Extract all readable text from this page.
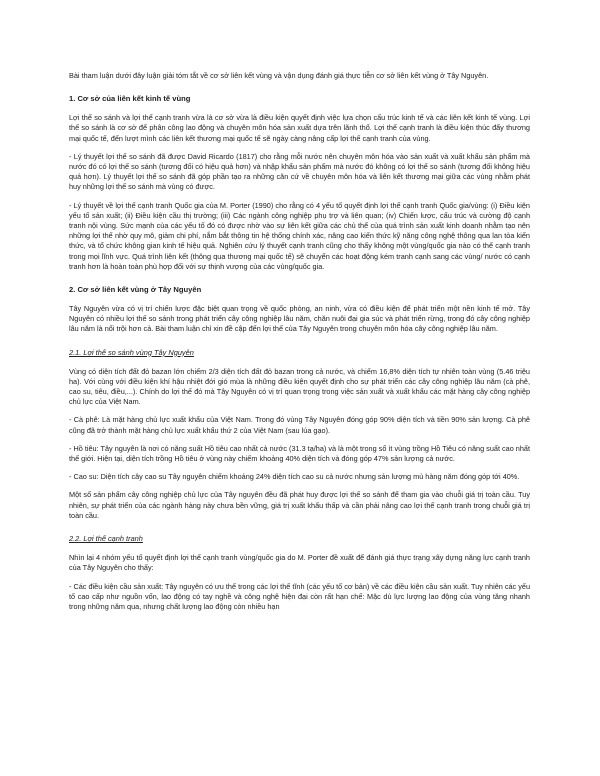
Bài tham luận dưới đây luận giải tóm tắt về cơ sở liên kết vùng và vận dụng đánh giá thực tiễn cơ sở liên kết vùng ở Tây Nguyên.

1. Cơ sở của liên kết kinh tế vùng

Lợi thế so sánh và lợi thế cạnh tranh vừa là cơ sở vừa là điều kiện quyết định việc lựa chọn cấu trúc kinh tế và các liên kết kinh tế vùng. Lợi thế so sánh là cơ sở để phân công lao động và chuyên môn hóa sản xuất dựa trên lãnh thổ. Lợi thế cạnh tranh là điều kiện thúc đẩy thương mại quốc tế, đến lượt mình các liên kết thương mại quốc tế sẽ ngày càng nâng cấp lợi thế cạnh tranh của vùng.

- Lý thuyết lợi thế so sánh đã được David Ricardo (1817) cho rằng mỗi nước nên chuyên môn hóa vào sản xuất và xuất khẩu sản phẩm mà nước đó có lợi thế so sánh (tương đối có hiệu quả hơn) và nhập khẩu sản phẩm mà nước đó không có lợi thế so sánh (tương đối không hiệu quả hơn). Lý thuyết lợi thế so sánh đã góp phần tạo ra những căn cứ về chuyên môn hóa và liên kết thương mại giữa các vùng nhằm phát huy những lợi thế so sánh mà vùng có được.

- Lý thuyết về lợi thế cạnh tranh Quốc gia của M. Porter (1990) cho rằng có 4 yếu tố quyết định lợi thế cạnh tranh Quốc gia/vùng: (i) Điều kiện yếu tố sản xuất; (ii) Điều kiện cầu thị trường; (iii) Các ngành công nghiệp phụ trợ và liên quan; (iv) Chiến lược, cấu trúc và cường độ cạnh tranh nội vùng. Sức mạnh của các yếu tố đó có được nhờ vào sự liên kết giữa các chủ thể của quá trình sản xuất kinh doanh nhằm tạo nên những lợi thế nhờ quy mô, giảm chi phí, nắm bắt thông tin hệ thống chính xác, nâng cao kiến thức kỹ năng công nghệ thông qua lan tỏa kiến thức, và tổ chức không gian kinh tế hiệu quả. Nghiên cứu lý thuyết cạnh tranh cũng cho thấy không một vùng/quốc gia nào có thể cạnh tranh trong mọi lĩnh vực. Quá trình liên kết (thông qua thương mại quốc tế) sẽ chuyển các hoạt động kém tranh cạnh sang các vùng/ nước có cạnh tranh hơn là hoàn toàn phù hợp đối với sự thịnh vượng của các vùng/quốc gia.

2. Cơ sở liên kết vùng ở Tây Nguyên

Tây Nguyên vừa có vị trí chiến lược đặc biệt quan trọng về quốc phòng, an ninh, vừa có điều kiện để phát triển một nền kinh tế mở. Tây Nguyên có nhiều lợi thế so sánh trong phát triển cây công nghiệp lâu năm, chăn nuôi đại gia súc và phát triển rừng, trong đó cây công nghiệp lâu năm là nổi trội hơn cả. Bài tham luận chỉ xin đề cập đến lợi thế của Tây Nguyên trong chuyên môn hóa cây công nghiệp lâu năm.

2.1. Lợi thế so sánh vùng Tây Nguyên

Vùng có diện tích đất đỏ bazan lớn chiếm 2/3 diện tích đất đỏ bazan trong cả nước, và chiếm 16,8% diện tích tự nhiên toàn vùng (5.46 triệu ha). Với cùng với điều kiện khí hậu nhiệt đới gió mùa là những điều kiện quyết định cho sự phát triển các cây công nghiệp lâu năm (cà phê, cao su, tiêu, điều,...). Chính do lợi thế đó mà Tây Nguyên có vị trí quan trọng trong việc sản xuất và xuất khẩu các mặt hàng cây công nghiệp chủ lực của Việt Nam.

- Cà phê: Là mặt hàng chủ lực xuất khẩu của Việt Nam. Trong đó vùng Tây Nguyên đóng góp 90% diện tích và tiền 90% sản lượng. Cà phê cũng đã trở thành mặt hàng chủ lực xuất khẩu thứ 2 của Việt Nam (sau lúa gạo).

- Hồ tiêu: Tây nguyên là nơi có năng suất Hồ tiêu cao nhất cả nước (31.3 tạ/ha) và là một trong số ít vùng trồng Hồ Tiêu có năng suất cao nhất thế giới. Hiện tại, diện tích trồng Hồ tiêu ở vùng này chiếm khoảng 40% diện tích và đóng góp 47% sản lượng cả nước.

- Cao su: Diện tích cây cao su Tây nguyên chiếm khoảng 24% diện tích cao su cả nước nhưng sản lượng mủ hàng năm đóng góp tới 40%.

Một số sản phẩm cây công nghiệp chủ lực của Tây nguyên đều đã phát huy được lợi thế so sánh để tham gia vào chuỗi giá trị toàn cầu. Tuy nhiên, sự phát triển của các ngành hàng này chưa bền vững, giá trị xuất khẩu thấp và cần phải nâng cao lợi thế cạnh tranh trong chuỗi giá trị toàn cầu.

2.2. Lợi thế cạnh tranh

Nhìn lại 4 nhóm yếu tố quyết định lợi thế cạnh tranh vùng/quốc gia do M. Porter đề xuất để đánh giá thực trạng xây dựng năng lực cạnh tranh của Tây Nguyên cho thấy:

- Các điều kiện cầu sản xuất: Tây nguyên có ưu thế trong các lợi thế tĩnh (các yếu tố cơ bản) về các điều kiện cầu sản xuất. Tuy nhiên các yếu tố cao cấp như nguồn vốn, lao động có tay nghề và công nghệ hiện đại còn rất hạn chế: Mặc dù lực lượng lao động của vùng tăng nhanh trong những năm qua, nhưng chất lượng lao động còn nhiều hạn
